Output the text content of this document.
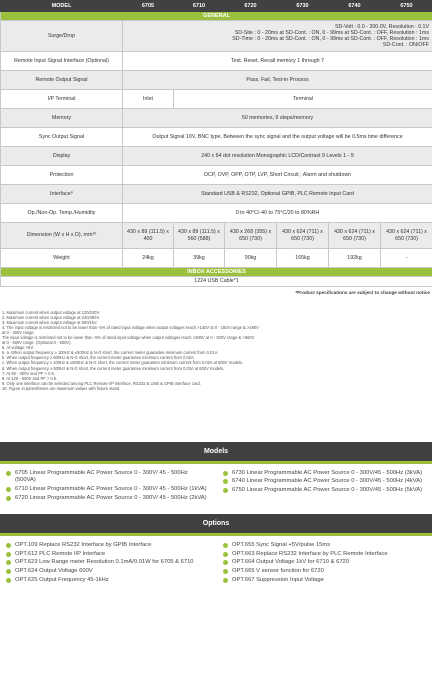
MODEL	6705	6710	6720	6730	6740	6750
GENERAL						
Surge/Drop	SD-Volt : 0.0 - 300.0V, Resolution : 0.1V
SD-Site : 0 - 20ms at SD-Cont. : ON, 0 - 99ms at SD-Cont. : OFF, Resolution : 1ms
SD-Time : 0 - 20ms at SD-Cont. : ON, 0 - 99ms at SD-Cont. : OFF, Resolution : 1ms
SD-Cont. : ON/OFF					

Remote Input Signal Interface (Optional)	Test, Reset, Recall memory 1 through 7					
Remote Output Signal	Pass, Fail, Test-in Process					
I/P Terminal	Inlet	Terminal				
Memory	50 memories, 9 steps/memory					
Sync Output Signal	Output Signal 10V, BNC type, Between the sync signal and the output voltage will be 0.5ms time difference					
Display	240 x 64 dot resolution Monographic LCD/Contrast 9 Levels 1 - 9					
Protection	OCP, OVP, OPP, OTP, LVP, Short Circuit ; Alarm and shutdown					
Interface⁹	Standard USB & RS232, Optional GPIB, PLC Remote Input Card					
Op./Non-Op. Temp./Humidity	0 to 40°C/-40 to 75°C/20 to 80%RH					
Dimension (W x H x D), mm¹⁰	430 x 89 (111.5) x 400	430 x 89 (111.5) x 560 (588)	430 x 268 (355) x 650 (730)	430 x 624 (711) x 650 (730)	430 x 624 (711) x 650 (730)	430 x 624 (711) x 650 (730)
Weight	24kg	39kg	90kg	165kg	192kg	-
INBOX ACCESSORIES						
1224 USB Cable*1						
*Product specifications are subject to change without notice
1. Maximum current when output voltage at 120/240V.
2. Maximum current when output voltage at 240/480V.
3. Maximum current when output voltage at 500/1kV.
4. The input voltage is restricted not to be lower than -5% of rated input voltage when output voltages reach >140V at 0 - 150V range & >280V
at 0 - 300V range.
The input voltage is restricted not to be lower than -5% of rated input voltage when output voltages reach >280V at 0 - 300V range & >560V
at 0 - 600V range. (Optional 0 - 600V).
5. At voltage >5V.
6. a. When output frequency ≥ 100Hz & ≤500Hz & N-G short, the current meter guarantee minimum current from 0.01A.
b. When output frequency ≥ 500Hz & N-G short, the current meter guarantee minimum current from 0.02A.
c. When output frequency ≥ 100Hz & ≤500Hz & N-G short, the current meter guarantee minimum current from 0.02A at 600V models.
d. When output frequency ≥ 500Hz & N-G short, the current meter guarantee minimum current from 0.03A at 600V models.
7. At 60 - 300V and PF > 0.5.
8. At 120 - 600V and PF > 0.5.
9. Only one interface can be selected among PLC Remote I/P interface, RS232 & USB & GPIB interface card.
10. Figure in parentheses are maximum values with fixture stand.
Models
6705 Linear Programmable AC Power Source 0 - 300V/ 45 - 500Hz (500VA)
6710 Linear Programmable AC Power Source 0 - 300V/ 45 - 500Hz (1kVA)
6720 Linear Programmable AC Power Source 0 - 300V/ 45 - 500Hz (2kVA)
6730 Linear Programmable AC Power Source 0 - 300V/45 - 500Hz (3kVA)
6740 Linear Programmable AC Power Source 0 - 300V/45 - 500Hz (4kVA)
6750 Linear Programmable AC Power Source 0 - 300V/45 - 500Hz (5kVA)
Options
OPT.109 Replace RS232 Interface by GPIB Interface
OPT.612 PLC Remote I/P Interface
OPT.623 Low Range meter Resolution 0.1mA/0.01W for 6705 & 6710
OPT.624 Output Voltage 600V
OPT.625 Output Frequency 45-1kHz
OPT.655 Sync Signal +5V/pulse 15ms
OPT.663 Replace RS232 Interface by PLC Remote Interface
OPT.664 Output Voltage 1kV for 6710 & 6720
OPT.665 V sensor function for 6720
OPT.667 Suppression Input Voltage
